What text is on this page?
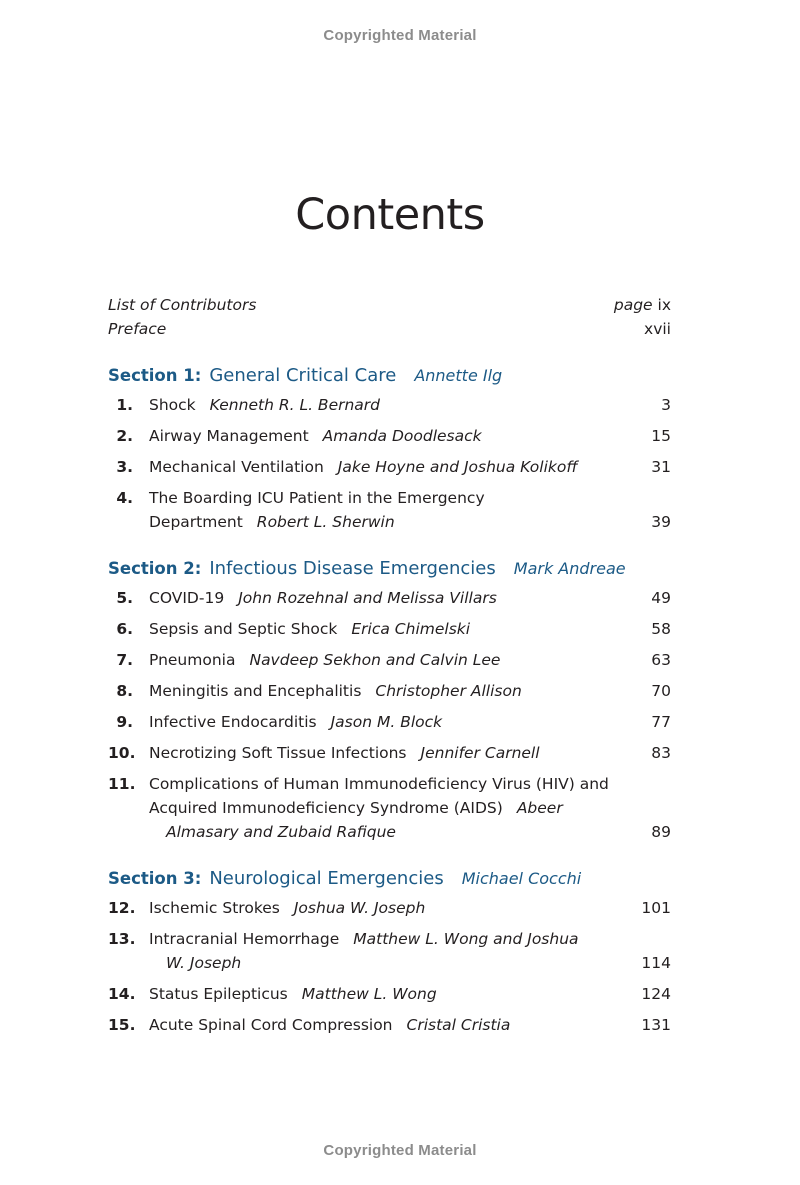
Copyrighted Material
Contents
List of Contributors	page ix
Preface	xvii
Section 1: General Critical Care Annette Ilg
1. Shock Kenneth R. L. Bernard	3
2. Airway Management Amanda Doodlesack	15
3. Mechanical Ventilation Jake Hoyne and Joshua Kolikoff	31
4. The Boarding ICU Patient in the Emergency
Department Robert L. Sherwin	39
Section 2: Infectious Disease Emergencies Mark Andreae
5. COVID-19 John Rozehnal and Melissa Villars	49
6. Sepsis and Septic Shock Erica Chimelski	58
7. Pneumonia Navdeep Sekhon and Calvin Lee	63
8. Meningitis and Encephalitis Christopher Allison	70
9. Infective Endocarditis Jason M. Block	77
10. Necrotizing Soft Tissue Infections Jennifer Carnell	83
11. Complications of Human Immunodeficiency Virus (HIV) and
Acquired Immunodeficiency Syndrome (AIDS) Abeer
Almasary and Zubaid Rafique	89
Section 3: Neurological Emergencies Michael Cocchi
12. Ischemic Strokes Joshua W. Joseph	101
13. Intracranial Hemorrhage Matthew L. Wong and Joshua
W. Joseph	114
14. Status Epilepticus Matthew L. Wong	124
15. Acute Spinal Cord Compression Cristal Cristia	131
Copyrighted Material
